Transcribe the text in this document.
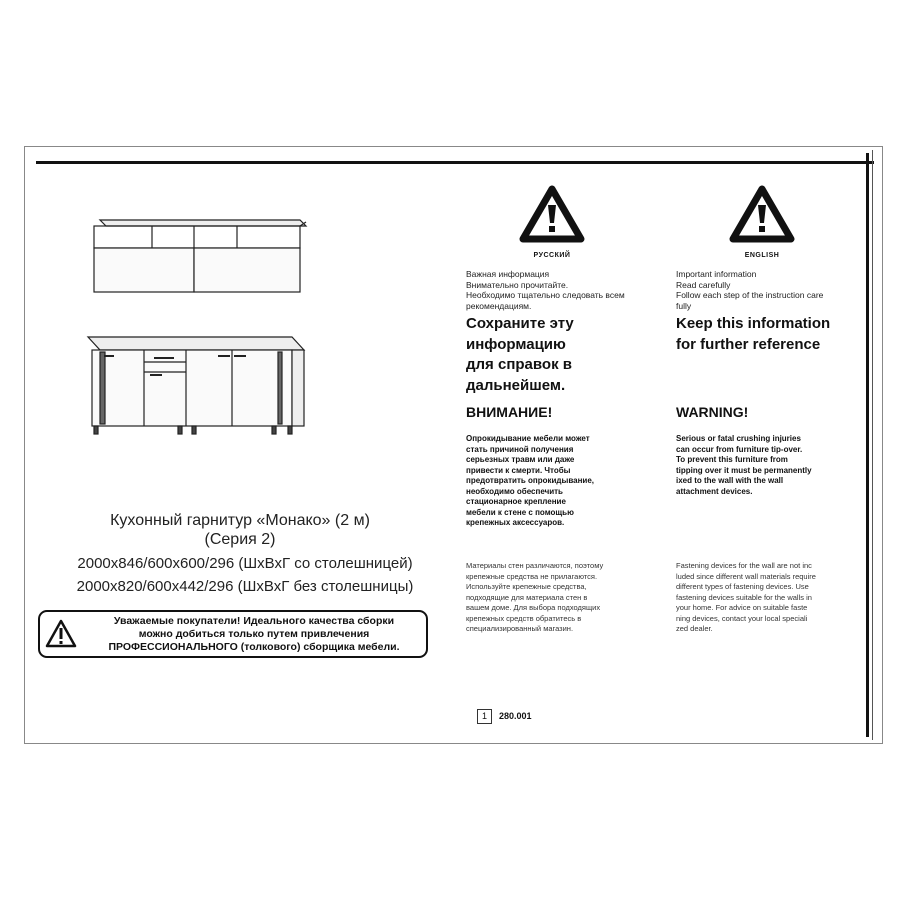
Кухонный гарнитур «Монако» (2 м)
(Серия 2)
2000x846/600x600/296 (ШхВхГ со столешницей)
2000x820/600x442/296 (ШхВхГ без столешницы)
Уважаемые покупатели! Идеального качества сборки
можно добиться только путем привлечения
ПРОФЕССИОНАЛЬНОГО (толкового) сборщика мебели.
РУССКИЙ
Важная информация
Внимательно прочитайте.
Необходимо тщательно следовать всем
рекомендациям.
Сохраните эту
информацию
для справок в
дальнейшем.
ВНИМАНИЕ!
Опрокидывание мебели может
стать причиной получения
серьезных травм или даже
привести к смерти. Чтобы
предотвратить опрокидывание,
необходимо обеспечить
стационарное крепление
мебели к стене с помощью
крепежных аксессуаров.
Материалы стен различаются, поэтому
крепежные средства не прилагаются.
Используйте крепежные средства,
подходящие для материала стен в
вашем доме. Для выбора подходящих
крепежных средств обратитесь в
специализированный магазин.
ENGLISH
Important information
Read carefully
Follow each step of the instruction care
fully
Keep this information
for further reference
WARNING!
Serious or fatal crushing injuries
can occur from furniture tip-over.
To prevent this furniture from
tipping over it must be permanently
ixed to the wall with the wall
attachment devices.
Fastening devices for the wall are not inc
luded since different wall materials require
different types of fastening devices. Use
fastening devices suitable for the walls in
your home. For advice on suitable faste
ning devices, contact your local speciali
zed dealer.
1	280.001
